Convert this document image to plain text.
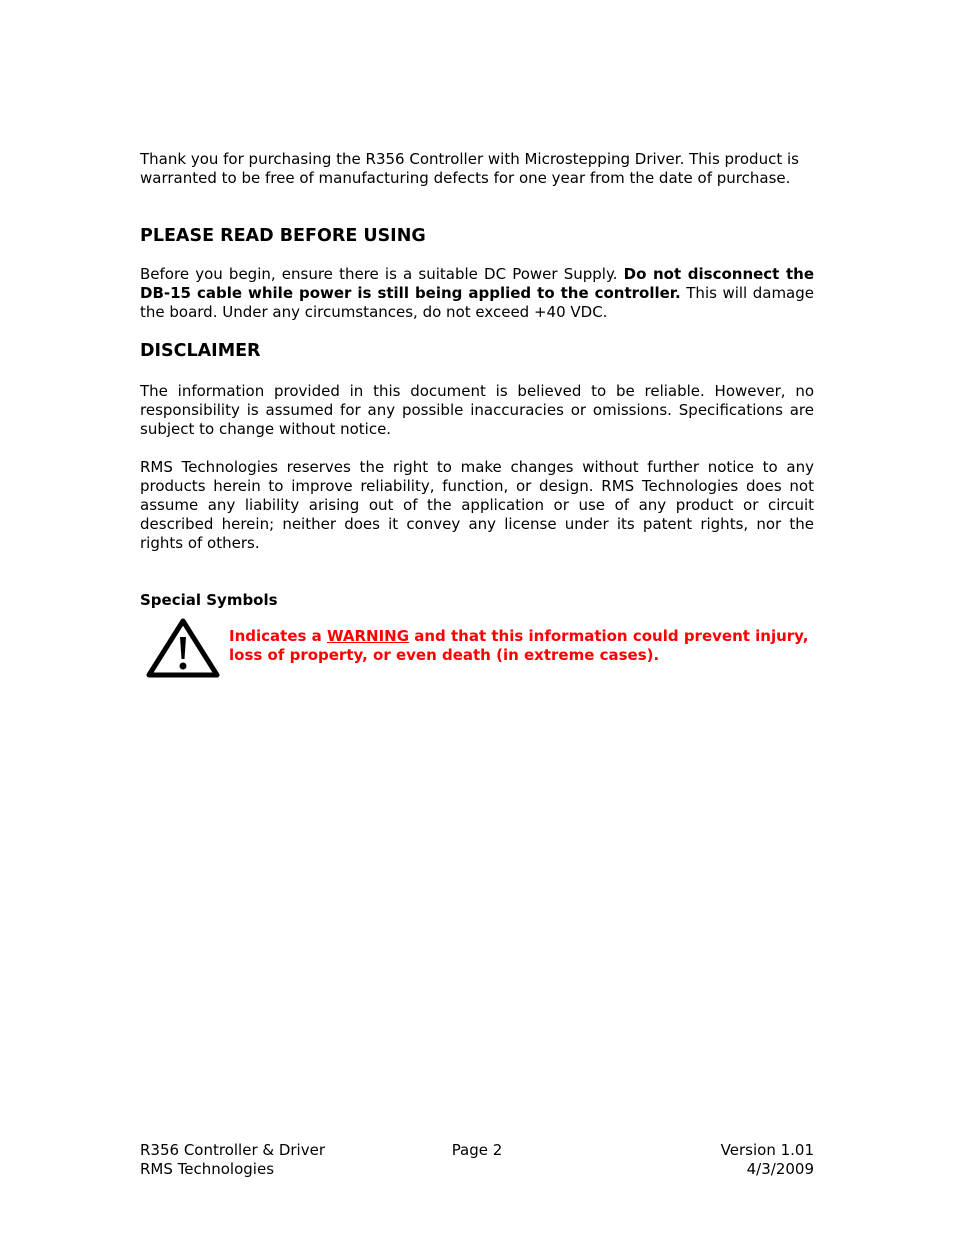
Thank you for purchasing the R356 Controller with Microstepping Driver. This product is warranted to be free of manufacturing defects for one year from the date of purchase.

PLEASE READ BEFORE USING

Before you begin, ensure there is a suitable DC Power Supply. Do not disconnect the DB-15 cable while power is still being applied to the controller. This will damage the board. Under any circumstances, do not exceed +40 VDC.

DISCLAIMER

The information provided in this document is believed to be reliable. However, no responsibility is assumed for any possible inaccuracies or omissions. Specifications are subject to change without notice.

RMS Technologies reserves the right to make changes without further notice to any products herein to improve reliability, function, or design. RMS Technologies does not assume any liability arising out of the application or use of any product or circuit described herein; neither does it convey any license under its patent rights, nor the rights of others.

Special Symbols
Indicates a WARNING and that this information could prevent injury, loss of property, or even death (in extreme cases).
R356 Controller & Driver	Page 2	Version 1.01
RMS Technologies	4/3/2009
